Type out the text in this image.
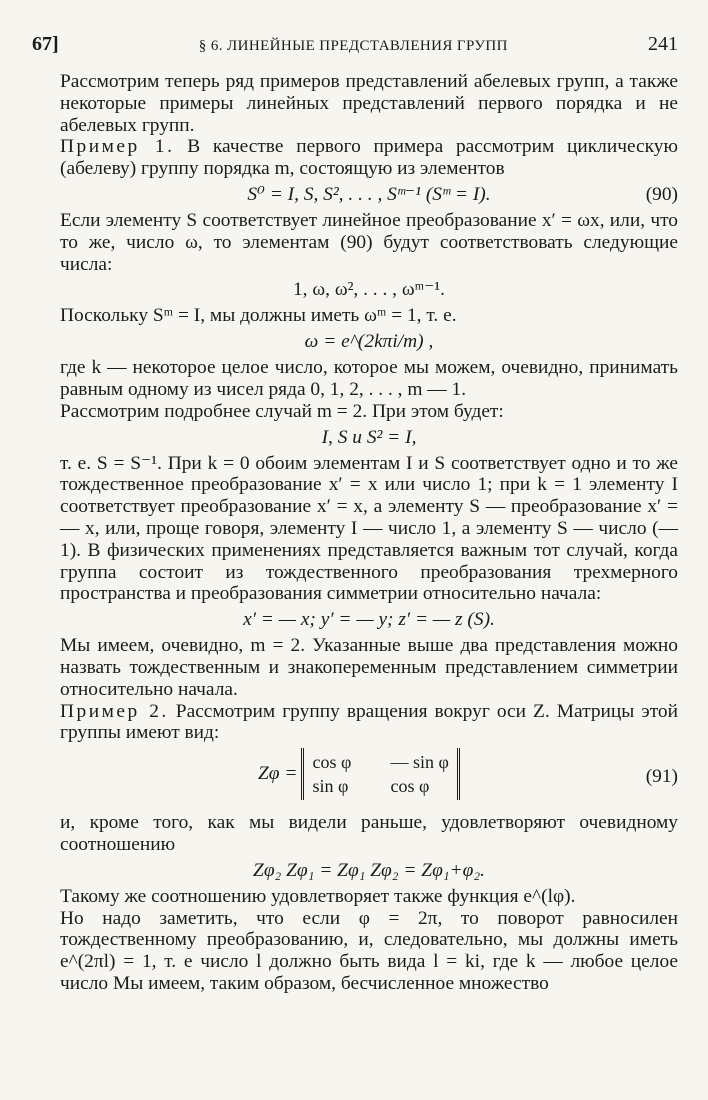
67]	§ 6. ЛИНЕЙНЫЕ ПРЕДСТАВЛЕНИЯ ГРУПП	241

Рассмотрим теперь ряд примеров представлений абелевых групп, а также некоторые примеры линейных представлений первого порядка и не абелевых групп.

Пример 1. В качестве первого примера рассмотрим циклическую (абелеву) группу порядка m, состоящую из элементов

S⁰ = I, S, S², . . . , Sᵐ⁻¹ (Sᵐ = I).	(90)

Если элементу S соответствует линейное преобразование x′ = ωx, или, что то же, число ω, то элементам (90) будут соответствовать следующие числа:

1, ω, ω², . . . , ωᵐ⁻¹.

Поскольку Sᵐ = I, мы должны иметь ωᵐ = 1, т. е.

ω = e^(2kπi/m) ,

где k — некоторое целое число, которое мы можем, очевидно, принимать равным одному из чисел ряда 0, 1, 2, . . . , m — 1.

Рассмотрим подробнее случай m = 2. При этом будет:

I, S и S² = I,

т. е. S = S⁻¹. При k = 0 обоим элементам I и S соответствует одно и то же тождественное преобразование x′ = x или число 1; при k = 1 элементу I соответствует преобразование x′ = x, а элементу S — преобразование x′ = — x, или, проще говоря, элементу I — число 1, а элементу S — число (— 1). В физических применениях представляется важным тот случай, когда группа состоит из тождественного преобразования трехмерного пространства и преобразования симметрии относительно начала:

x′ = — x; y′ = — y; z′ = — z (S).

Мы имеем, очевидно, m = 2. Указанные выше два представления можно назвать тождественным и знакопеременным представлением симметрии относительно начала.

Пример 2. Рассмотрим группу вращения вокруг оси Z. Матрицы этой группы имеют вид:

Zφ =
cos φ	— sin φ
sin φ	cos φ	(91)

и, кроме того, как мы видели раньше, удовлетворяют очевидному соотношению

Zφ₂ Zφ₁ = Zφ₁ Zφ₂ = Zφ₁+φ₂.

Такому же соотношению удовлетворяет также функция e^(lφ).

Но надо заметить, что если φ = 2π, то поворот равносилен тождественному преобразованию, и, следовательно, мы должны иметь e^(2πl) = 1, т. е число l должно быть вида l = ki, где k — любое целое число Мы имеем, таким образом, бесчисленное множество
